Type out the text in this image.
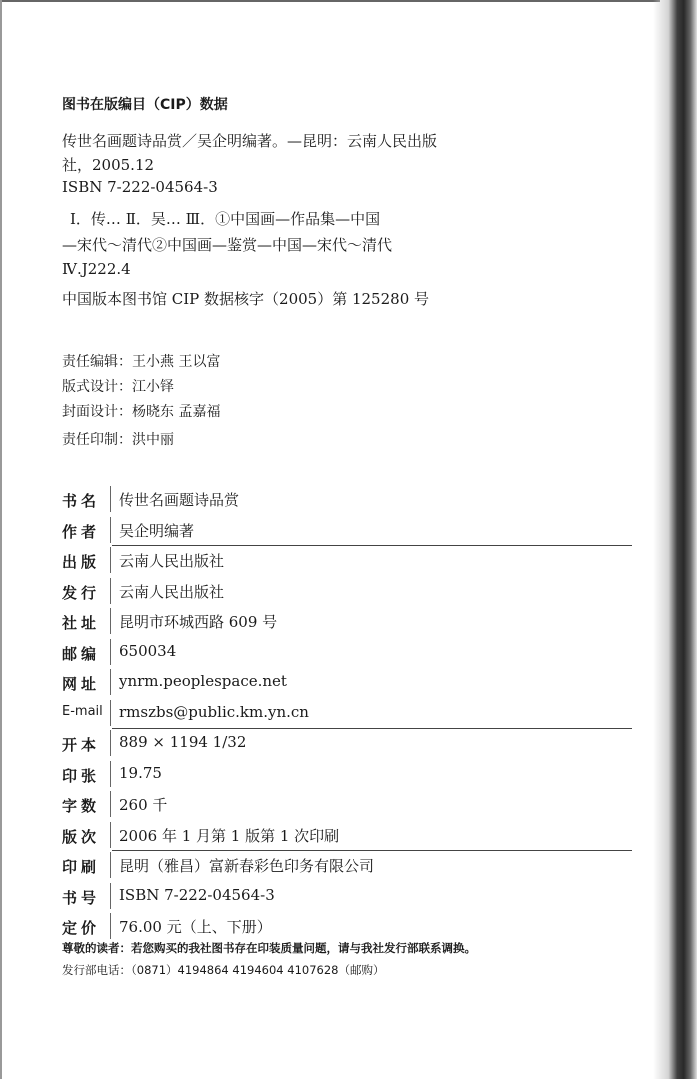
图书在版编目（CIP）数据
传世名画题诗品赏／吴企明编著。—昆明：云南人民出版
社，2005.12
ISBN 7-222-04564-3
Ⅰ．传… Ⅱ．吴… Ⅲ．①中国画—作品集—中国
—宋代～清代②中国画—鉴赏—中国—宋代～清代
Ⅳ.J222.4
中国版本图书馆 CIP 数据核字（2005）第 125280 号
责任编辑：王小燕 王以富
版式设计：江小铎
封面设计：杨晓东 孟嘉福
责任印制：洪中丽
书名	传世名画题诗品赏
作者	吴企明编著
出版	云南人民出版社
发行	云南人民出版社
社址	昆明市环城西路 609 号
邮编	650034
网址	ynrm.peoplespace.net
E-mail rmszbs@public.km.yn.cn
开本	889 × 1194 1/32
印张	19.75
字数	260 千
版次	2006 年 1 月第 1 版第 1 次印刷
印刷	昆明（雅昌）富新春彩色印务有限公司
书号	ISBN 7-222-04564-3
定价	76.00 元（上、下册）
尊敬的读者：若您购买的我社图书存在印装质量问题，请与我社发行部联系调换。
发行部电话：（0871）4194864 4194604 4107628（邮购）
